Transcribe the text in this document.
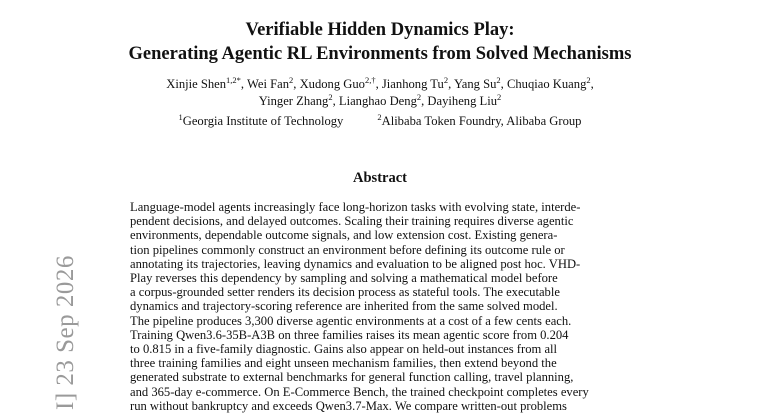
I] 23 Sep 2026
Verifiable Hidden Dynamics Play:
Generating Agentic RL Environments from Solved Mechanisms
Xinjie Shen$^{1,2*}$, Wei Fan$^2$, Xudong Guo$^{2,\dagger}$, Jianhong Tu$^2$, Yang Su$^2$, Chuqiao Kuang$^2$,
Yinger Zhang$^2$, Lianghao Deng$^2$, Dayiheng Liu$^2$
$^1$Georgia Institute of Technology	$^2$Alibaba Token Foundry, Alibaba Group
Abstract
Language-model agents increasingly face long-horizon tasks with evolving state, interde-
pendent decisions, and delayed outcomes. Scaling their training requires diverse agentic
environments, dependable outcome signals, and low extension cost. Existing genera-
tion pipelines commonly construct an environment before defining its outcome rule or
annotating its trajectories, leaving dynamics and evaluation to be aligned post hoc. VHD-
Play reverses this dependency by sampling and solving a mathematical model before
a corpus-grounded setter renders its decision process as stateful tools. The executable
dynamics and trajectory-scoring reference are inherited from the same solved model.
The pipeline produces 3,300 diverse agentic environments at a cost of a few cents each.
Training Qwen3.6-35B-A3B on three families raises its mean agentic score from 0.204
to 0.815 in a five-family diagnostic. Gains also appear on held-out instances from all
three training families and eight unseen mechanism families, then extend beyond the
generated substrate to external benchmarks for general function calling, travel planning,
and 365-day e-commerce. On E-Commerce Bench, the trained checkpoint completes every
run without bankruptcy and exceeds Qwen3.7-Max. We compare written-out problems
